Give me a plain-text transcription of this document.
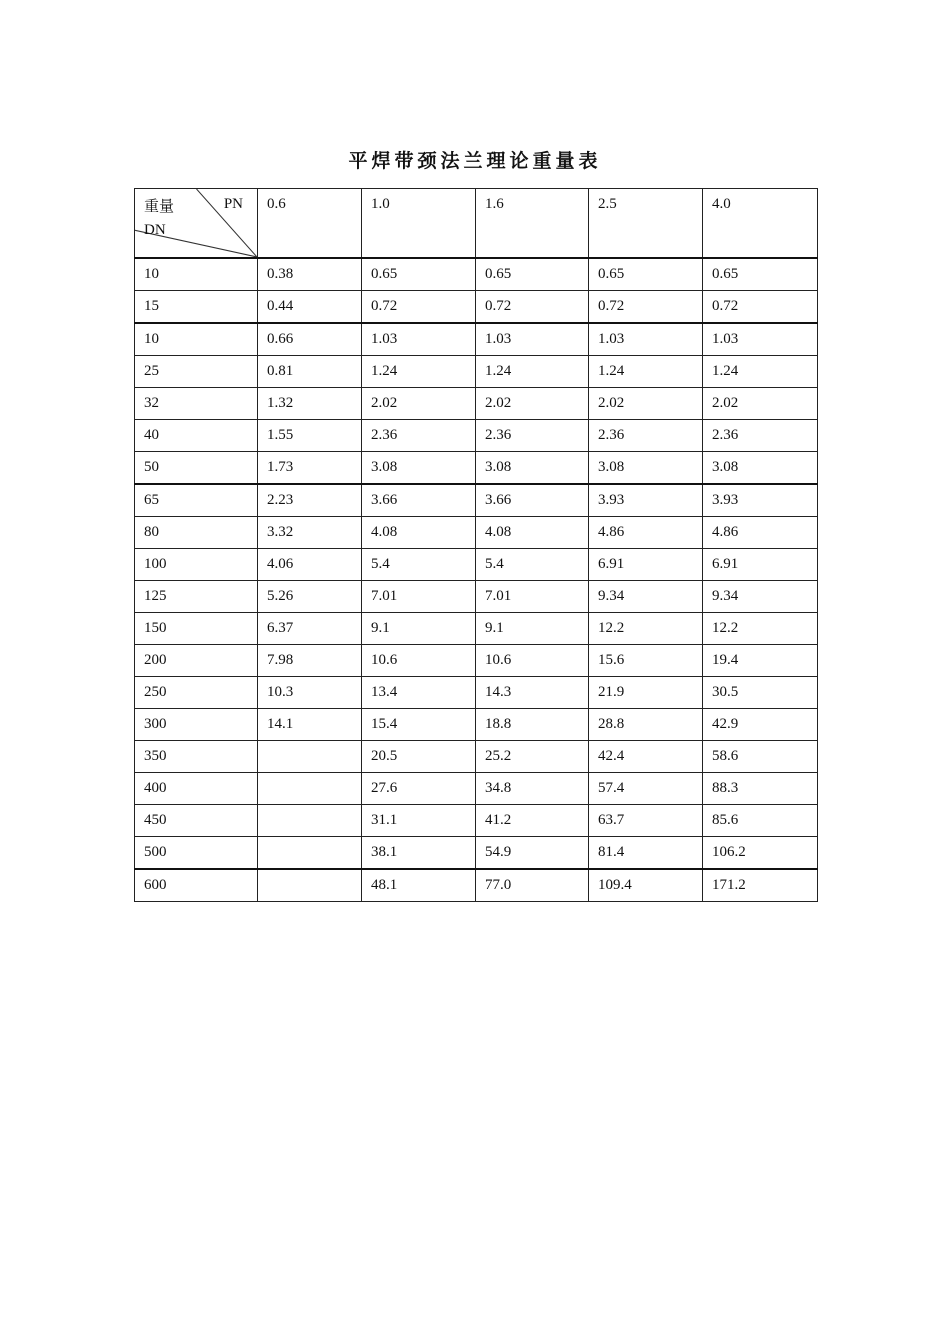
平焊带颈法兰理论重量表
重量 PN
DN	0.6	1.0	1.6	2.5	4.0
10	0.38	0.65	0.65	0.65	0.65
15	0.44	0.72	0.72	0.72	0.72
10	0.66	1.03	1.03	1.03	1.03
25	0.81	1.24	1.24	1.24	1.24
32	1.32	2.02	2.02	2.02	2.02
40	1.55	2.36	2.36	2.36	2.36
50	1.73	3.08	3.08	3.08	3.08
65	2.23	3.66	3.66	3.93	3.93
80	3.32	4.08	4.08	4.86	4.86
100	4.06	5.4	5.4	6.91	6.91
125	5.26	7.01	7.01	9.34	9.34
150	6.37	9.1	9.1	12.2	12.2
200	7.98	10.6	10.6	15.6	19.4
250	10.3	13.4	14.3	21.9	30.5
300	14.1	15.4	18.8	28.8	42.9
350		20.5	25.2	42.4	58.6
400		27.6	34.8	57.4	88.3
450		31.1	41.2	63.7	85.6
500		38.1	54.9	81.4	106.2
600		48.1	77.0	109.4	171.2
